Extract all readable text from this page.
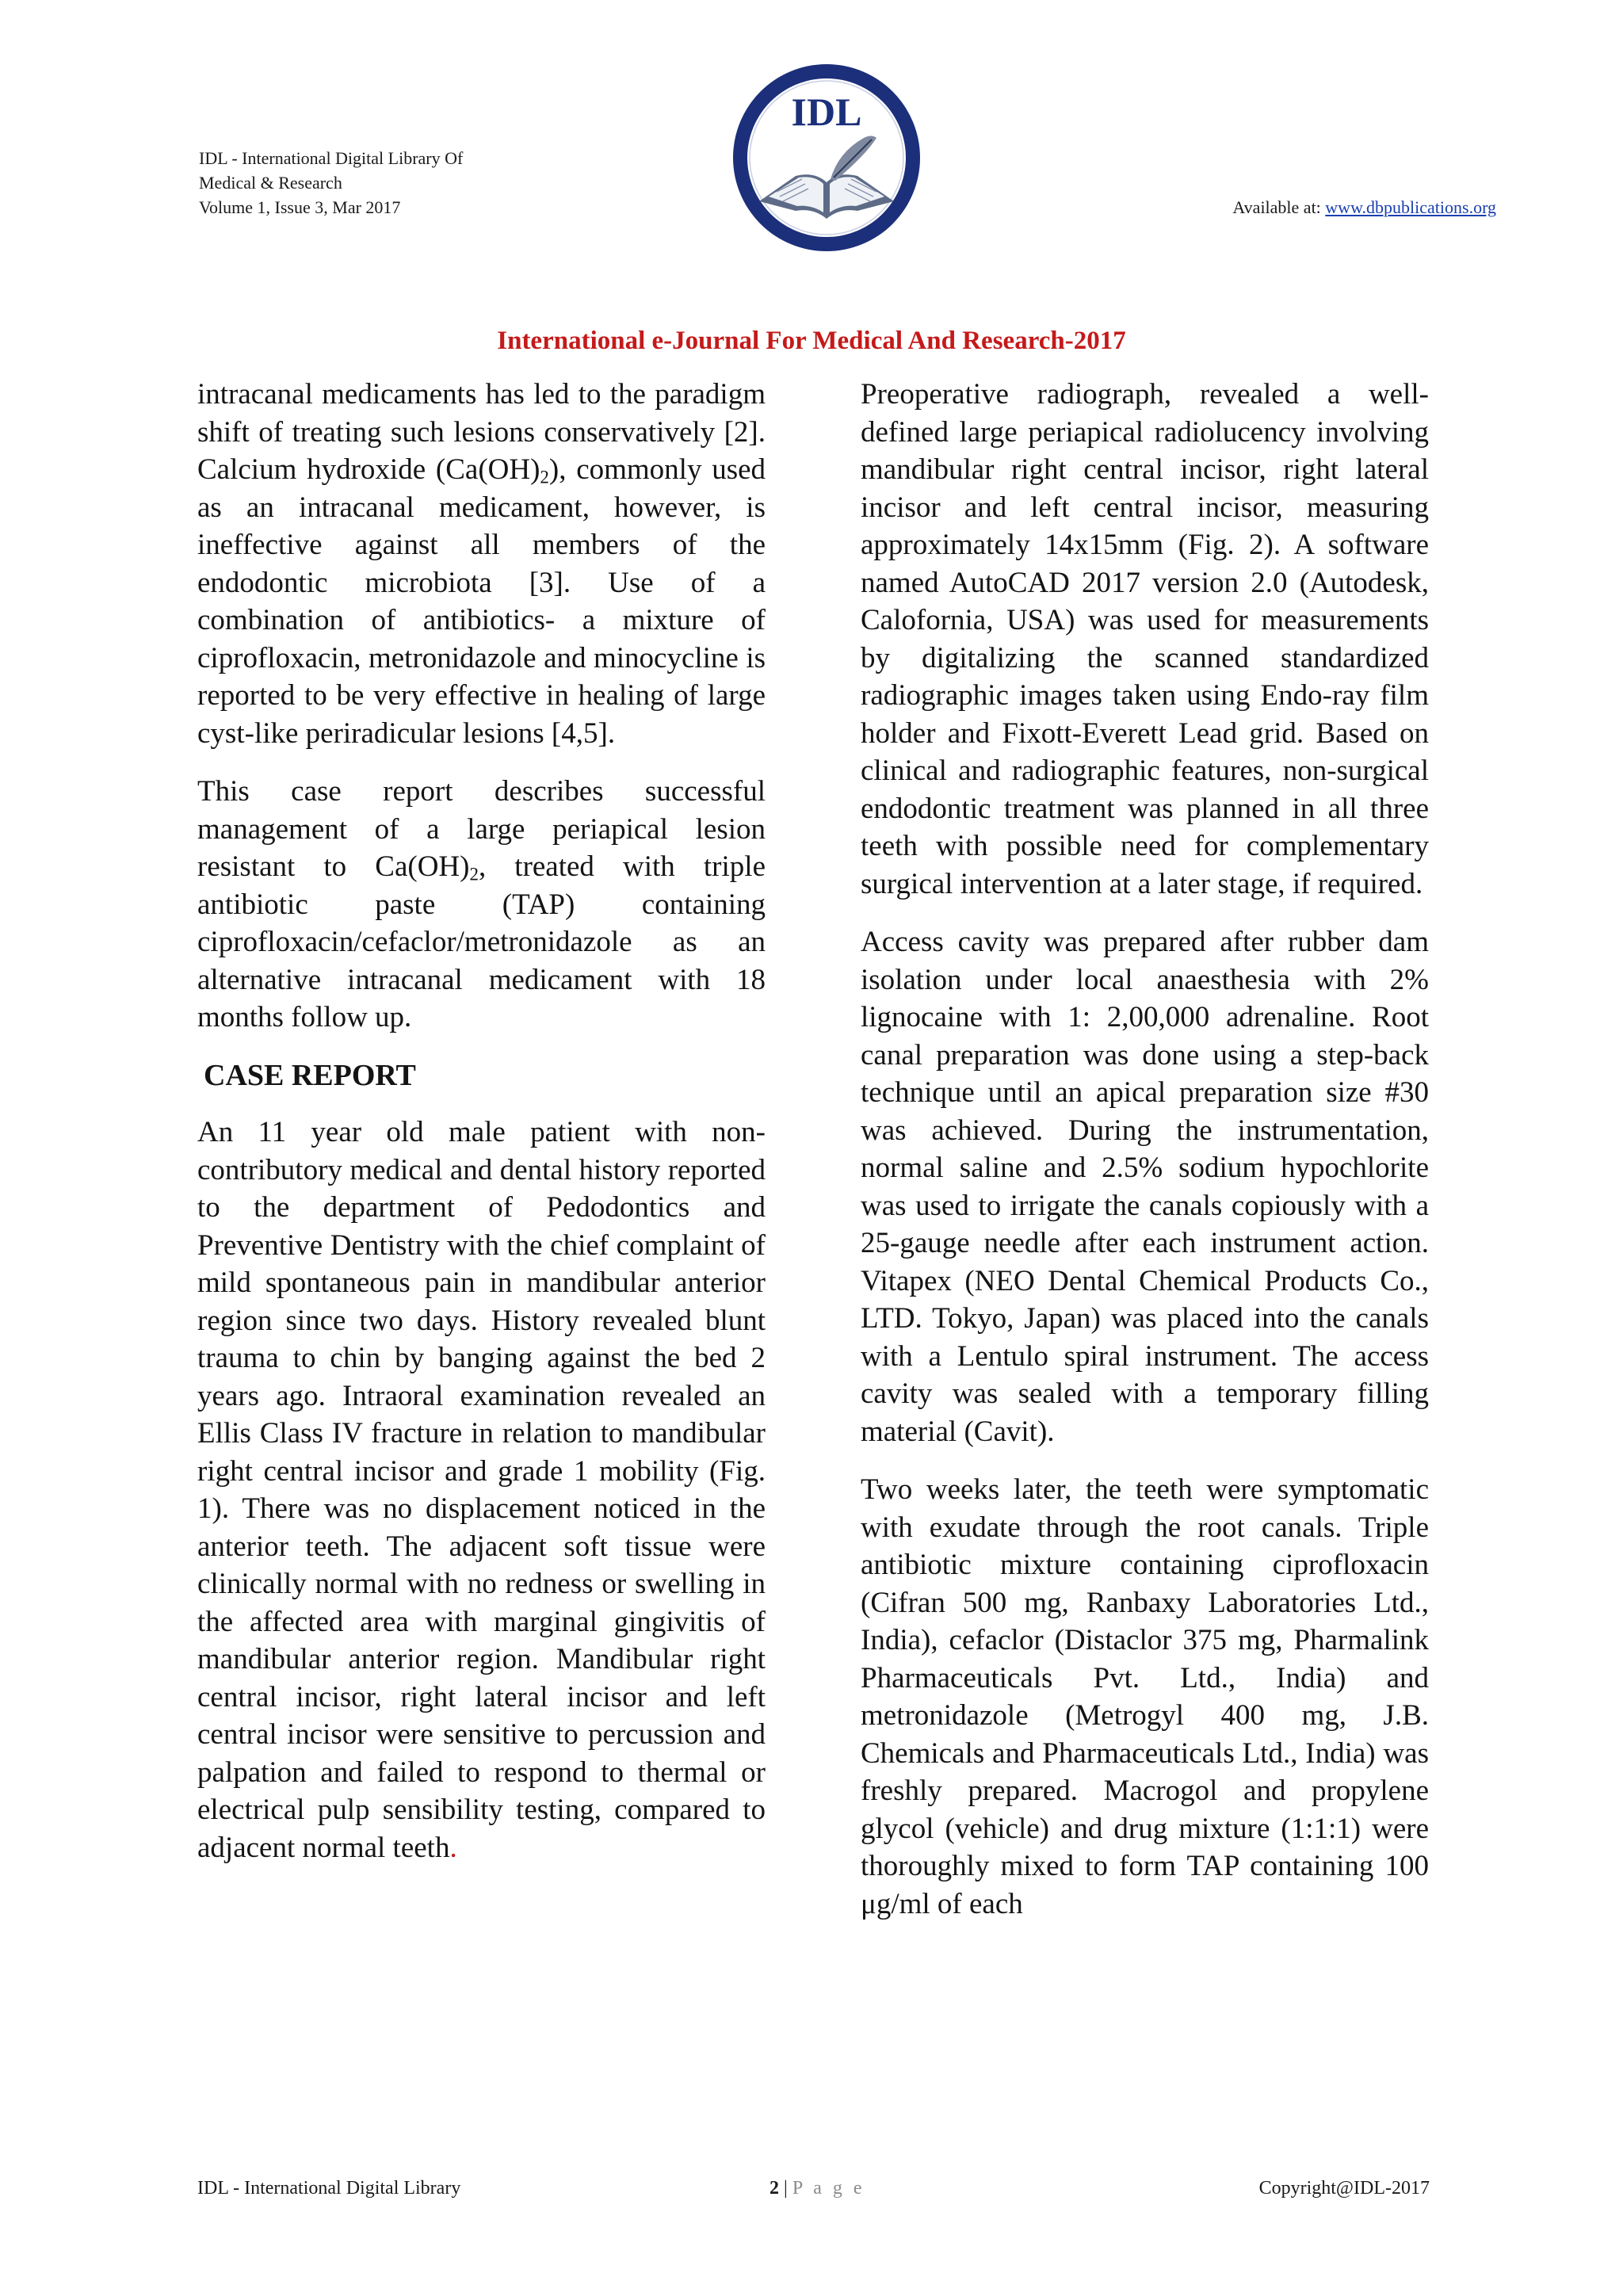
IDL - International Digital Library Of
Medical & Research
Volume 1, Issue 3, Mar 2017
IDL
Available at: www.dbpublications.org
International e-Journal For Medical And Research-2017

intracanal medicaments has led to the paradigm shift of treating such lesions conservatively [2]. Calcium hydroxide $(Ca(OH)_2)$, commonly used as an intracanal medicament, however, is ineffective against all members of the endodontic microbiota [3]. Use of a combination of antibiotics- a mixture of ciprofloxacin, metronidazole and minocycline is reported to be very effective in healing of large cyst-like periradicular lesions [4,5].

This case report describes successful management of a large periapical lesion resistant to $Ca(OH)_2$, treated with triple antibiotic paste (TAP) containing ciprofloxacin/cefaclor/metronidazole as an alternative intracanal medicament with 18 months follow up.

CASE REPORT

An 11 year old male patient with non-contributory medical and dental history reported to the department of Pedodontics and Preventive Dentistry with the chief complaint of mild spontaneous pain in mandibular anterior region since two days. History revealed blunt trauma to chin by banging against the bed 2 years ago. Intraoral examination revealed an Ellis Class IV fracture in relation to mandibular right central incisor and grade 1 mobility (Fig. 1). There was no displacement noticed in the anterior teeth. The adjacent soft tissue were clinically normal with no redness or swelling in the affected area with marginal gingivitis of mandibular anterior region. Mandibular right central incisor, right lateral incisor and left central incisor were sensitive to percussion and palpation and failed to respond to thermal or electrical pulp sensibility testing, compared to adjacent normal teeth.

Preoperative radiograph, revealed a well-defined large periapical radiolucency involving mandibular right central incisor, right lateral incisor and left central incisor, measuring approximately 14x15mm (Fig. 2). A software named AutoCAD 2017 version 2.0 (Autodesk, Calofornia, USA) was used for measurements by digitalizing the scanned standardized radiographic images taken using Endo-ray film holder and Fixott-Everett Lead grid. Based on clinical and radiographic features, non-surgical endodontic treatment was planned in all three teeth with possible need for complementary surgical intervention at a later stage, if required.

Access cavity was prepared after rubber dam isolation under local anaesthesia with 2% lignocaine with 1: 2,00,000 adrenaline. Root canal preparation was done using a step-back technique until an apical preparation size #30 was achieved. During the instrumentation, normal saline and 2.5% sodium hypochlorite was used to irrigate the canals copiously with a 25-gauge needle after each instrument action. Vitapex (NEO Dental Chemical Products Co., LTD. Tokyo, Japan) was placed into the canals with a Lentulo spiral instrument. The access cavity was sealed with a temporary filling material (Cavit).

Two weeks later, the teeth were symptomatic with exudate through the root canals. Triple antibiotic mixture containing ciprofloxacin (Cifran 500 mg, Ranbaxy Laboratories Ltd., India), cefaclor (Distaclor 375 mg, Pharmalink Pharmaceuticals Pvt. Ltd., India) and metronidazole (Metrogyl 400 mg, J.B. Chemicals and Pharmaceuticals Ltd., India) was freshly prepared. Macrogol and propylene glycol (vehicle) and drug mixture (1:1:1) were thoroughly mixed to form TAP containing 100 μg/ml of each

IDL - International Digital Library	2 | P a g e	Copyright@IDL-2017
